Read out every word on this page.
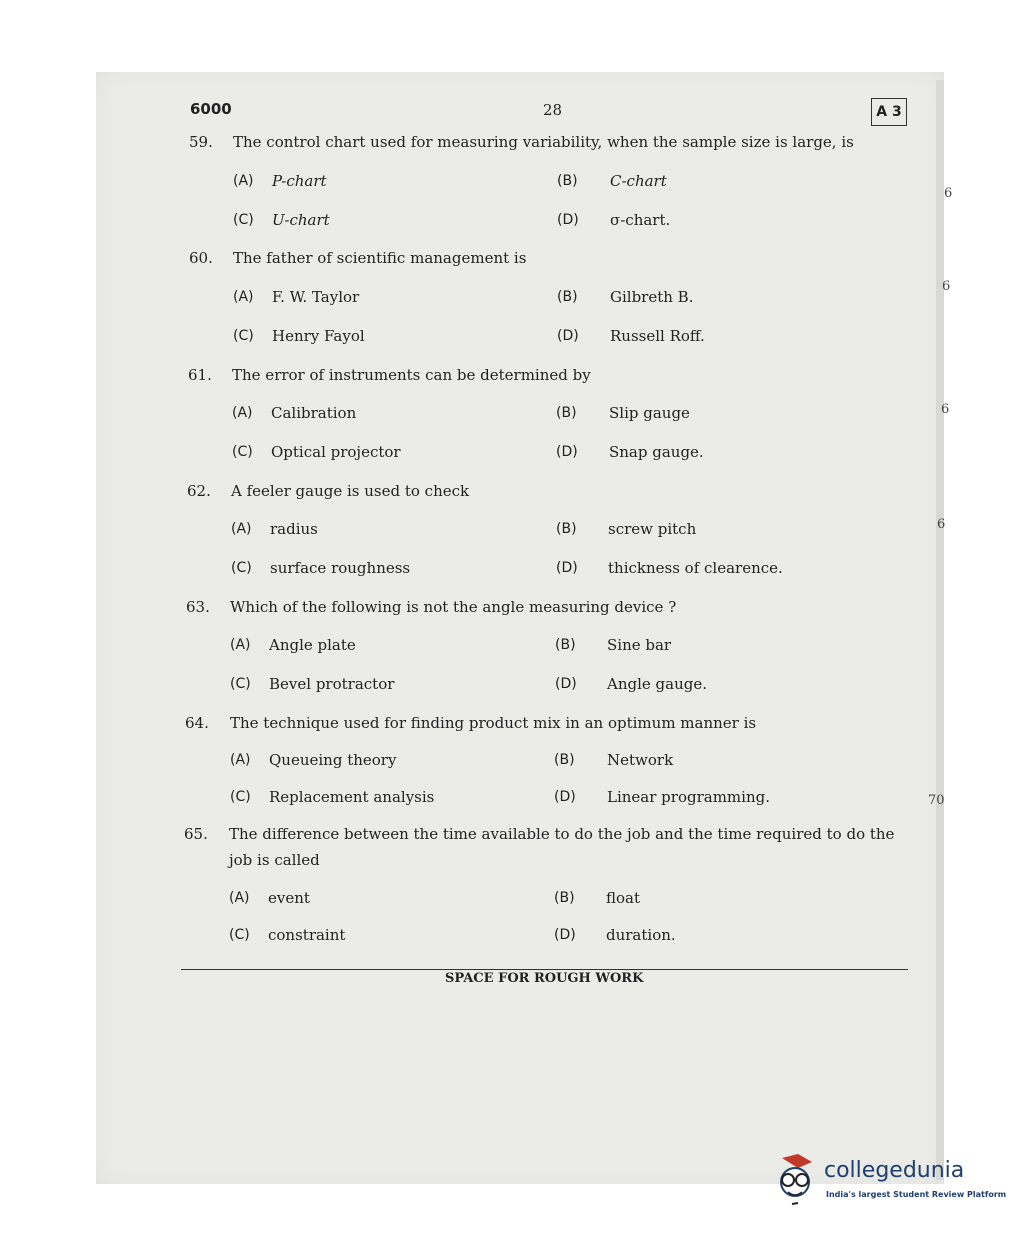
6000	28	A 3
59. The control chart used for measuring variability, when the sample size is large, is
(A) P-chart	(B) C-chart
(C) U-chart	(D) σ-chart.
60. The father of scientific management is
(A) F. W. Taylor	(B) Gilbreth B.
(C) Henry Fayol	(D) Russell Roff.
61. The error of instruments can be determined by
(A) Calibration	(B) Slip gauge
(C) Optical projector	(D) Snap gauge.
62. A feeler gauge is used to check
(A) radius	(B) screw pitch
(C) surface roughness	(D) thickness of clearence.
63. Which of the following is not the angle measuring device ?
(A) Angle plate	(B) Sine bar
(C) Bevel protractor	(D) Angle gauge.
64. The technique used for finding product mix in an optimum manner is
(A) Queueing theory	(B) Network
(C) Replacement analysis	(D) Linear programming.
65. The difference between the time available to do the job and the time required to do the job is called
(A) event	(B) float
(C) constraint	(D) duration.
SPACE FOR ROUGH WORK
6
6
6
6
70
collegedunia
India's largest Student Review Platform
